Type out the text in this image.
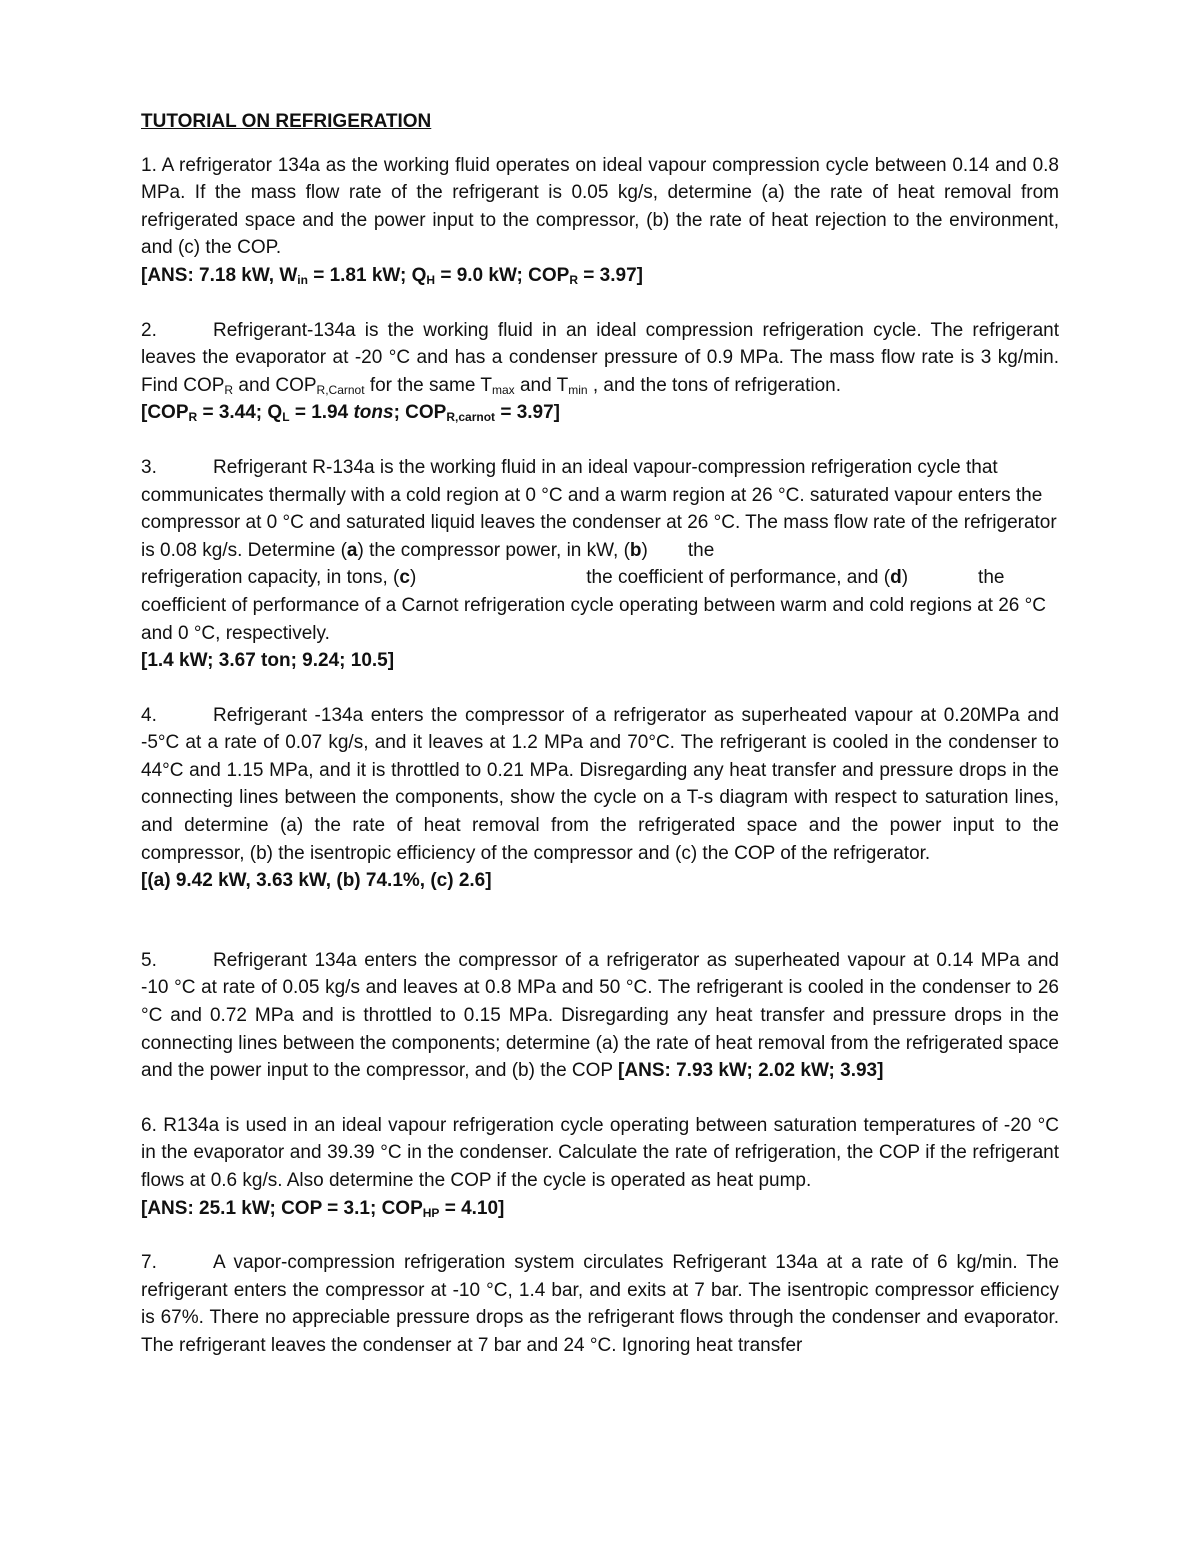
TUTORIAL ON REFRIGERATION
1. A refrigerator 134a as the working fluid operates on ideal vapour compression cycle between 0.14 and 0.8 MPa. If the mass flow rate of the refrigerant is 0.05 kg/s, determine (a) the rate of heat removal from refrigerated space and the power input to the compressor, (b) the rate of heat rejection to the environment, and (c) the COP.
[ANS: 7.18 kW, $W_{in} = 1.81$ kW; $Q_H = 9.0$ kW; $COP_R = 3.97$]
2.	Refrigerant-134a is the working fluid in an ideal compression refrigeration cycle. The refrigerant leaves the evaporator at -20 °C and has a condenser pressure of 0.9 MPa. The mass flow rate is 3 kg/min. Find $COP_R$ and $COP_{R,Carnot}$ for the same $T_{max}$ and $T_{min}$ , and the tons of refrigeration.
[$COP_R = 3.44$; $Q_L = 1.94$ tons; $COP_{R,carnot} = 3.97$]
3.	Refrigerant R-134a is the working fluid in an ideal vapour-compression refrigeration cycle that communicates thermally with a cold region at 0 °C and a warm region at 26 °C. saturated vapour enters the compressor at 0 °C and saturated liquid leaves the condenser at 26 °C. The mass flow rate of the refrigerator is 0.08 kg/s. Determine (a) the compressor power, in kW, (b) the
refrigeration capacity, in tons, (c)	the coefficient of performance, and (d)	the
coefficient of performance of a Carnot refrigeration cycle operating between warm and cold regions at 26 °C and 0 °C, respectively.
[1.4 kW; 3.67 ton; 9.24; 10.5]
4.	Refrigerant -134a enters the compressor of a refrigerator as superheated vapour at 0.20MPa and -5°C at a rate of 0.07 kg/s, and it leaves at 1.2 MPa and 70°C. The refrigerant is cooled in the condenser to 44°C and 1.15 MPa, and it is throttled to 0.21 MPa. Disregarding any heat transfer and pressure drops in the connecting lines between the components, show the cycle on a T-s diagram with respect to saturation lines, and determine (a) the rate of heat removal from the refrigerated space and the power input to the compressor, (b) the isentropic efficiency of the compressor and (c) the COP of the refrigerator.
[(a) 9.42 kW, 3.63 kW, (b) 74.1%, (c) 2.6]
5.	Refrigerant 134a enters the compressor of a refrigerator as superheated vapour at 0.14 MPa and -10 °C at rate of 0.05 kg/s and leaves at 0.8 MPa and 50 °C. The refrigerant is cooled in the condenser to 26 °C and 0.72 MPa and is throttled to 0.15 MPa. Disregarding any heat transfer and pressure drops in the connecting lines between the components; determine (a) the rate of heat removal from the refrigerated space and the power input to the compressor, and (b) the COP [ANS: 7.93 kW; 2.02 kW; 3.93]
6. R134a is used in an ideal vapour refrigeration cycle operating between saturation temperatures of -20 °C in the evaporator and 39.39 °C in the condenser. Calculate the rate of refrigeration, the COP if the refrigerant flows at 0.6 kg/s. Also determine the COP if the cycle is operated as heat pump.
[ANS: 25.1 kW; COP = 3.1; $COP_{HP} = 4.10$]
7.	A vapor-compression refrigeration system circulates Refrigerant 134a at a rate of 6 kg/min. The refrigerant enters the compressor at -10 °C, 1.4 bar, and exits at 7 bar. The isentropic compressor efficiency is 67%. There no appreciable pressure drops as the refrigerant flows through the condenser and evaporator. The refrigerant leaves the condenser at 7 bar and 24 °C. Ignoring heat transfer
